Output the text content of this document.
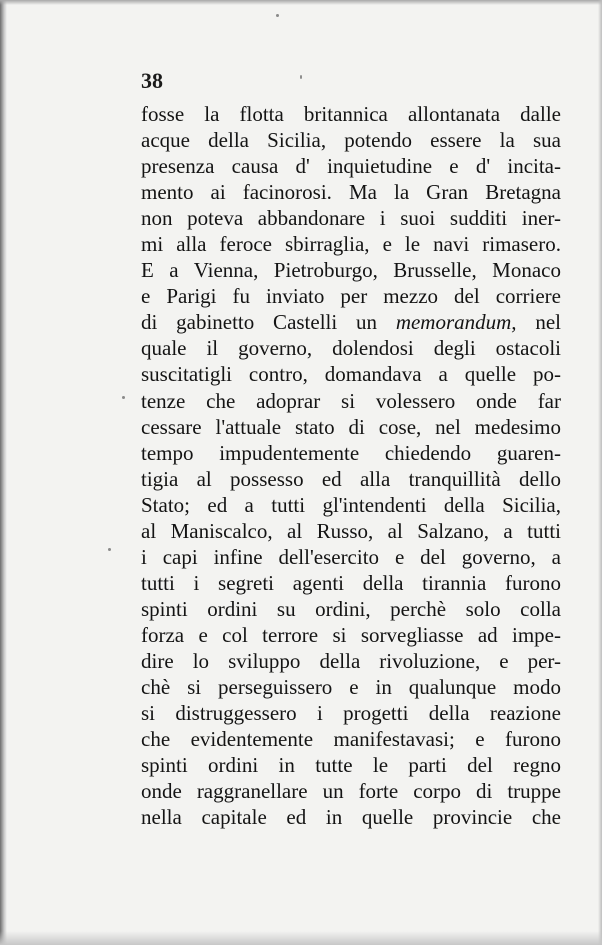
38

fosse la flotta britannica allontanata dalle
acque della Sicilia, potendo essere la sua
presenza causa d' inquietudine e d' incita-
mento ai facinorosi. Ma la Gran Bretagna
non poteva abbandonare i suoi sudditi iner-
mi alla feroce sbirraglia, e le navi rimasero.
E a Vienna, Pietroburgo, Brusselle, Monaco
e Parigi fu inviato per mezzo del corriere
di gabinetto Castelli un memorandum, nel
quale il governo, dolendosi degli ostacoli
suscitatigli contro, domandava a quelle po-
tenze che adoprar si volessero onde far
cessare l'attuale stato di cose, nel medesimo
tempo impudentemente chiedendo guaren-
tigia al possesso ed alla tranquillità dello
Stato; ed a tutti gl'intendenti della Sicilia,
al Maniscalco, al Russo, al Salzano, a tutti
i capi infine dell'esercito e del governo, a
tutti i segreti agenti della tirannia furono
spinti ordini su ordini, perchè solo colla
forza e col terrore si sorvegliasse ad impe-
dire lo sviluppo della rivoluzione, e per-
chè si perseguissero e in qualunque modo
si distruggessero i progetti della reazione
che evidentemente manifestavasi; e furono
spinti ordini in tutte le parti del regno
onde raggranellare un forte corpo di truppe
nella capitale ed in quelle provincie che
